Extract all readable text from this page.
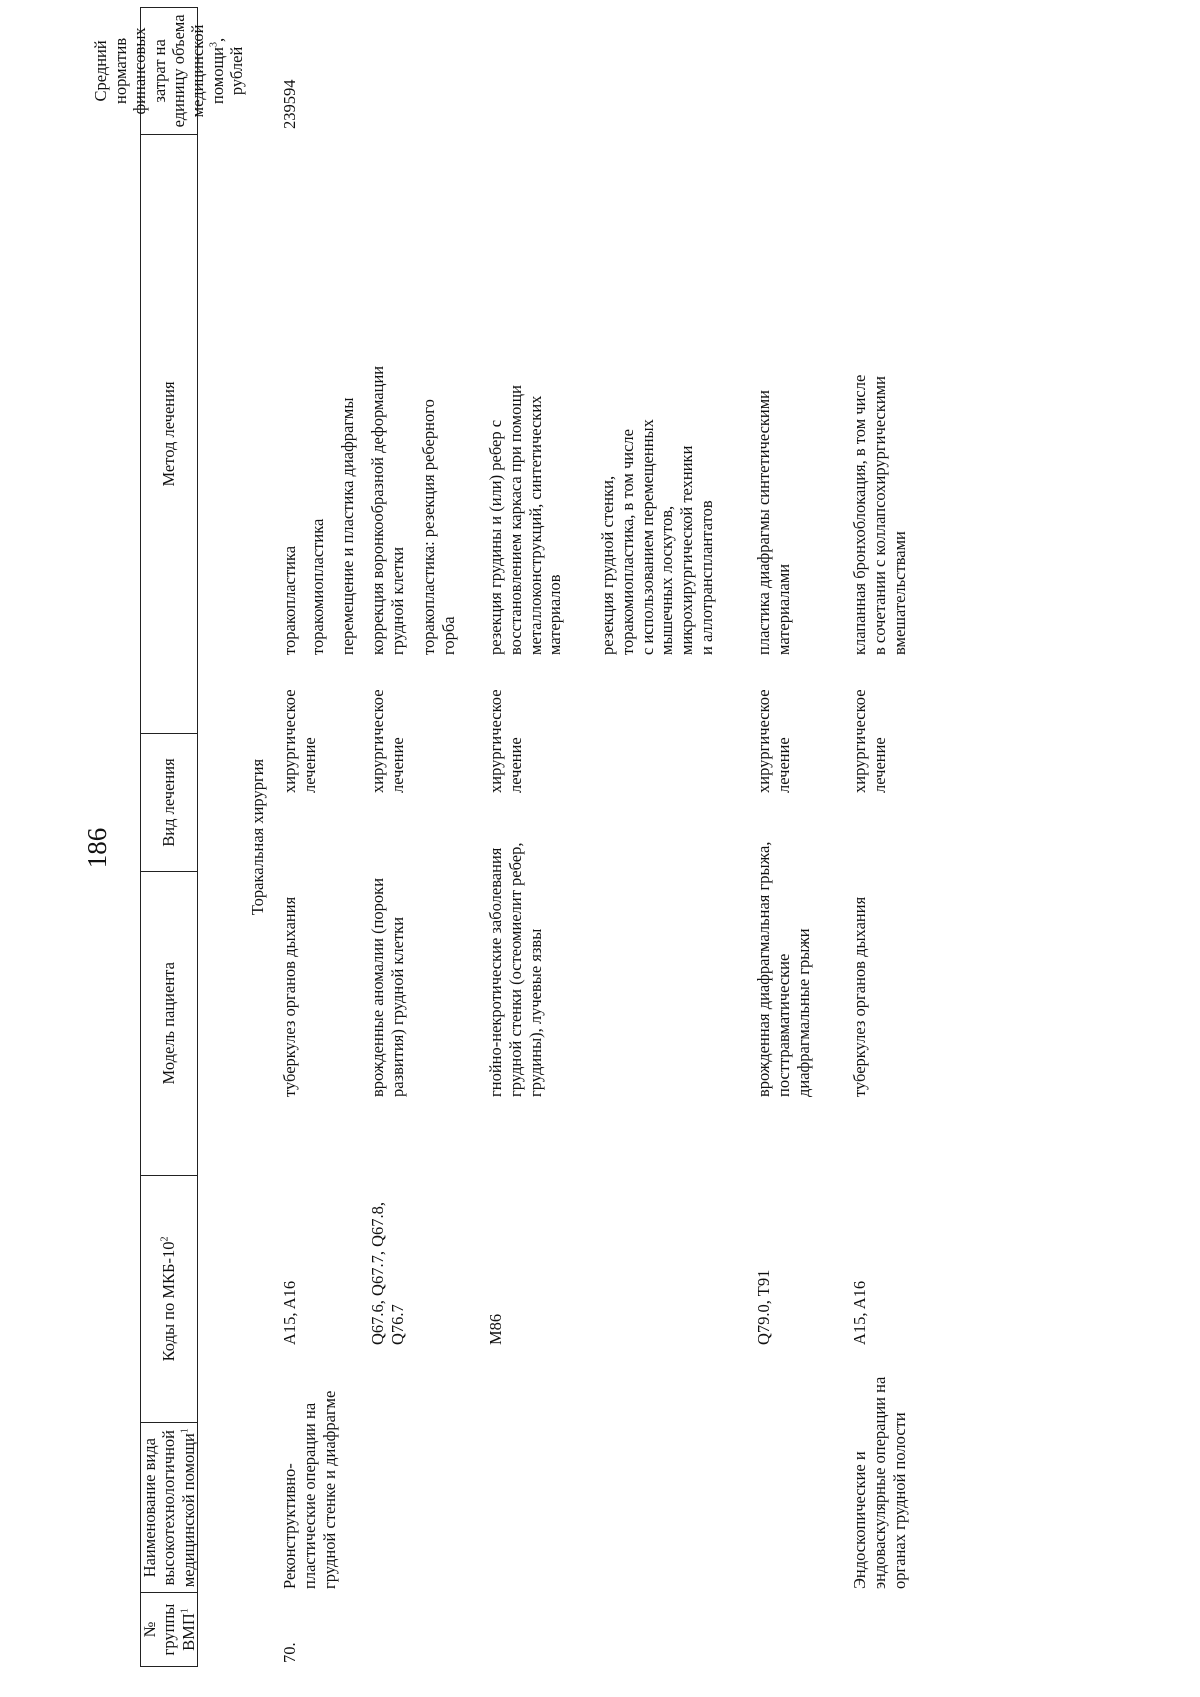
186
№ группы ВМП$^1$
Наименование вида высокотехнологичной медицинской помощи$^1$
Коды по МКБ-$10^2$
Модель пациента
Вид лечения
Метод лечения
Средний норматив финансовых затрат на единицу объема медицинской помощи$^3$, рублей
Торакальная хирургия
70.
Реконструктивно-
пластические операции на
грудной стенке и диафрагме
239594
A15, A16
туберкулез органов дыхания
хирургическое
лечение
торакопластика торакомиопластика перемещение и пластика диафрагмы
Q67.6, Q67.7, Q67.8,
Q76.7
врожденные аномалии (пороки
развития) грудной клетки
хирургическое
лечение
коррекция воронкообразной деформации
грудной клетки торакопластика: резекция реберного
горба
M86
гнойно-некротические заболевания
грудной стенки (остеомиелит ребер,
грудины), лучевые язвы
хирургическое
лечение
резекция грудины и (или) ребер с
восстановлением каркаса при помощи
металлоконструкций, синтетических
материалов резекция грудной стенки,
торакомиопластика, в том числе
с использованием перемещенных
мышечных лоскутов,
микрохирургической техники
и аллотрансплантатов
Q79.0, T91
врожденная диафрагмальная грыжа,
посттравматические
диафрагмальные грыжи
хирургическое
лечение
пластика диафрагмы синтетическими
материалами
Эндоскопические и
эндоваскулярные операции на
органах грудной полости
A15, A16
туберкулез органов дыхания
хирургическое
лечение
клапанная бронхоблокация, в том числе
в сочетании с коллапсохирургическими
вмешательствами
